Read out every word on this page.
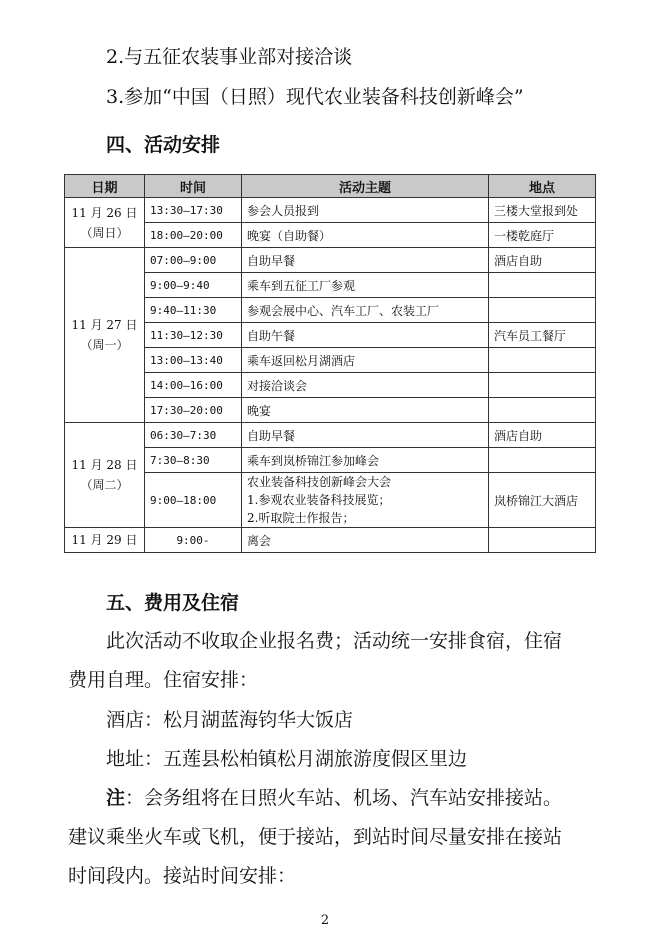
2.与五征农装事业部对接洽谈
3.参加“中国（日照）现代农业装备科技创新峰会”
四、活动安排
日期	时间	活动主题	地点

11 月 26 日
（周日）	13:30—17:30	参会人员报到	三楼大堂报到处
	18:00—20:00	晚宴（自助餐）	一楼乾庭厅

11 月 27 日
（周一）	07:00—9:00	自助早餐	酒店自助
	9:00—9:40	乘车到五征工厂参观	
	9:40—11:30	参观会展中心、汽车工厂、农装工厂	
	11:30—12:30	自助午餐	汽车员工餐厅
	13:00—13:40	乘车返回松月湖酒店	
	14:00—16:00	对接洽谈会	
	17:30—20:00	晚宴	

11 月 28 日
（周二）	06:30—7:30	自助早餐	酒店自助
	7:30—8:30	乘车到岚桥锦江参加峰会	
	9:00—18:00	农业装备科技创新峰会大会
1.参观农业装备科技展览；
2.听取院士作报告；	岚桥锦江大酒店

11 月 29 日	9:00-	离会	
五、费用及住宿
此次活动不收取企业报名费；活动统一安排食宿，住宿
费用自理。住宿安排：
酒店：松月湖蓝海钧华大饭店
地址：五莲县松柏镇松月湖旅游度假区里边
注：会务组将在日照火车站、机场、汽车站安排接站。
建议乘坐火车或飞机，便于接站，到站时间尽量安排在接站
时间段内。接站时间安排：
2
